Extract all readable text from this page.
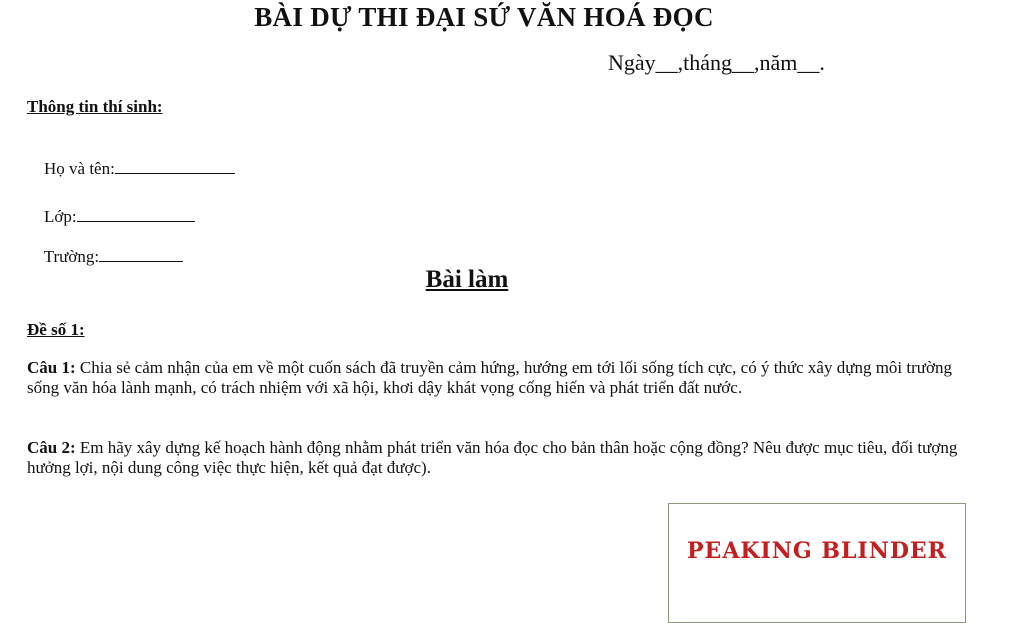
BÀI DỰ THI ĐẠI SỨ VĂN HOÁ ĐỌC
Ngày__,tháng__,năm__.
Thông tin thí sinh:

Họ và tên:

Lớp:

Trường:

Bài làm
Đề số 1:
Câu 1: Chia sẻ cảm nhận của em về một cuốn sách đã truyền cảm hứng, hướng em tới lối sống tích cực, có ý thức xây dựng môi trường sống văn hóa lành mạnh, có trách nhiệm với xã hội, khơi dậy khát vọng cống hiến và phát triển đất nước.
Câu 2: Em hãy xây dựng kế hoạch hành động nhằm phát triển văn hóa đọc cho bản thân hoặc cộng đồng? Nêu được mục tiêu, đối tượng hưởng lợi, nội dung công việc thực hiện, kết quả đạt được).
PEAKING BLINDER
